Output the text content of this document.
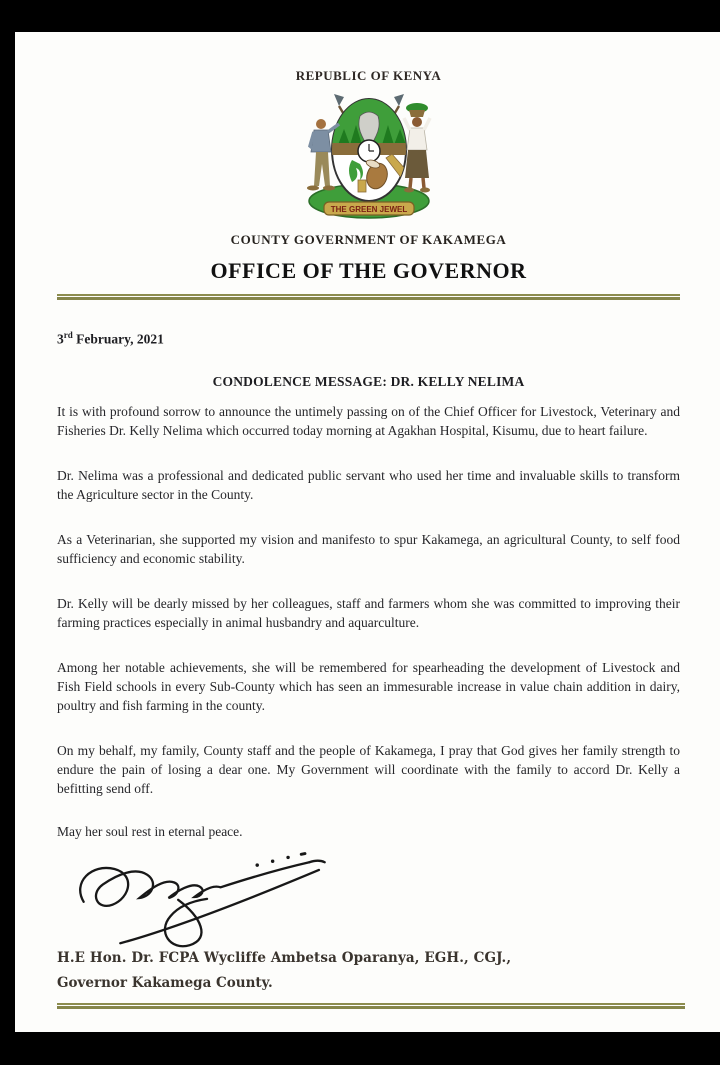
REPUBLIC OF KENYA
THE GREEN JEWEL
COUNTY GOVERNMENT OF KAKAMEGA
OFFICE OF THE GOVERNOR
3rd February, 2021
CONDOLENCE MESSAGE: DR. KELLY NELIMA

It is with profound sorrow to announce the untimely passing on of the Chief Officer for Livestock, Veterinary and Fisheries Dr. Kelly Nelima which occurred today morning at Agakhan Hospital, Kisumu, due to heart failure.

Dr. Nelima was a professional and dedicated public servant who used her time and invaluable skills to transform the Agriculture sector in the County.

As a Veterinarian, she supported my vision and manifesto to spur Kakamega, an agricultural County, to self food sufficiency and economic stability.

Dr. Kelly will be dearly missed by her colleagues, staff and farmers whom she was committed to improving their farming practices especially in animal husbandry and aquarculture.

Among her notable achievements, she will be remembered for spearheading the development of Livestock and Fish Field schools in every Sub-County which has seen an immesurable increase in value chain addition in dairy, poultry and fish farming in the county.

On my behalf, my family, County staff and the people of Kakamega, I pray that God gives her family strength to endure the pain of losing a dear one. My Government will coordinate with the family to accord Dr. Kelly a befitting send off.

May her soul rest in eternal peace.

H.E Hon. Dr. FCPA Wycliffe Ambetsa Oparanya, EGH., CGJ.,
Governor Kakamega County.
